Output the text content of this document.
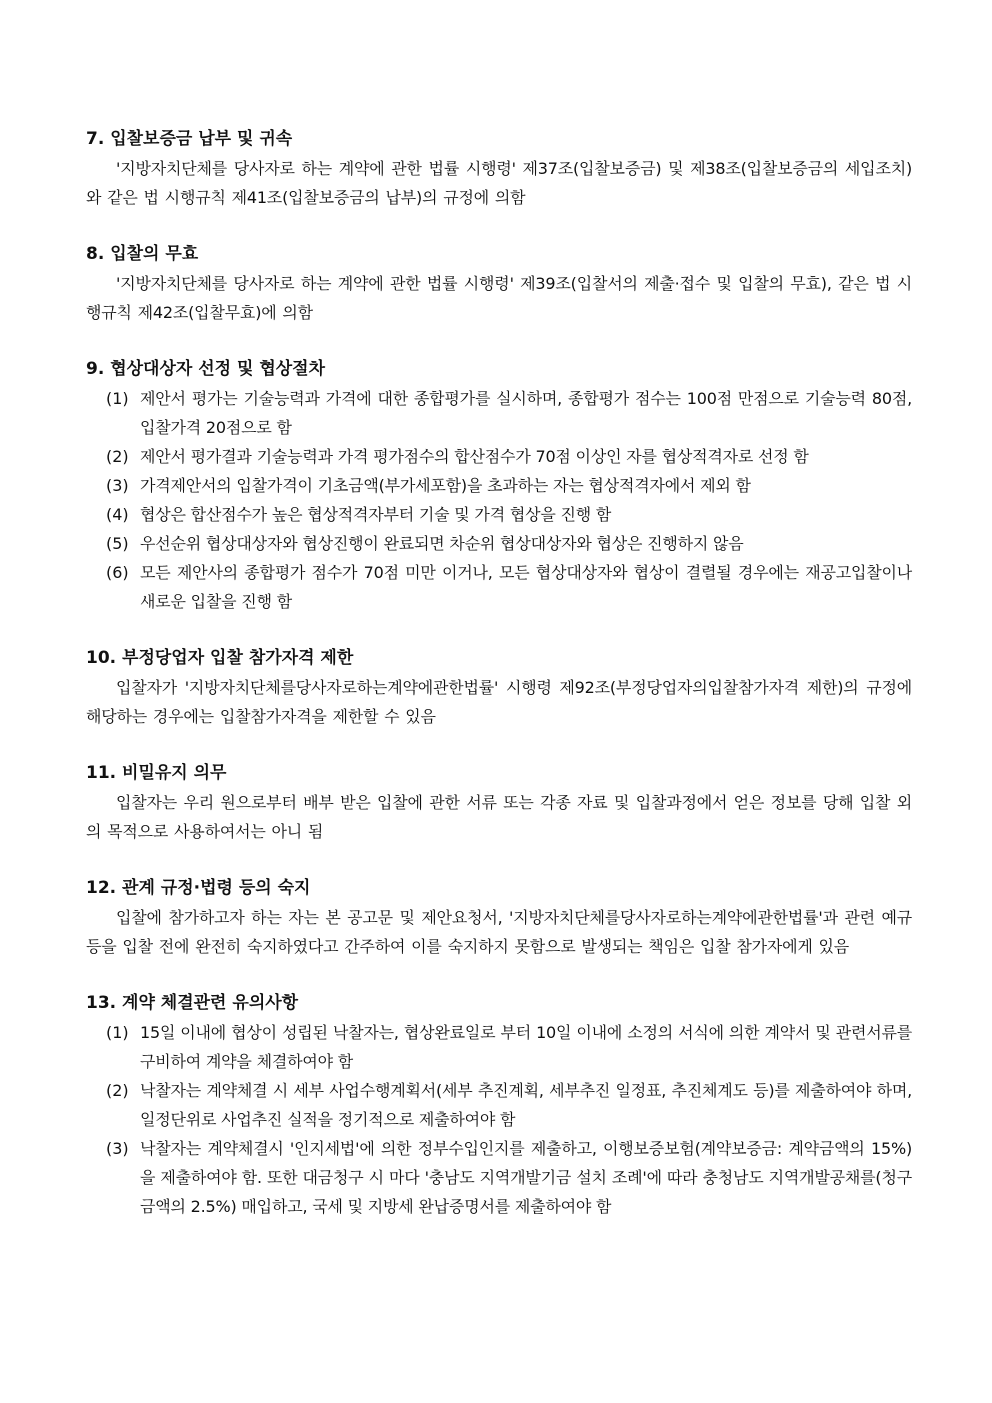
7. 입찰보증금 납부 및 귀속
'지방자치단체를 당사자로 하는 계약에 관한 법률 시행령' 제37조(입찰보증금) 및 제38조(입찰보증금의 세입조치)와 같은 법 시행규칙 제41조(입찰보증금의 납부)의 규정에 의함
8. 입찰의 무효
'지방자치단체를 당사자로 하는 계약에 관한 법률 시행령' 제39조(입찰서의 제출·접수 및 입찰의 무효), 같은 법 시행규칙 제42조(입찰무효)에 의함
9. 협상대상자 선정 및 협상절차
(1) 제안서 평가는 기술능력과 가격에 대한 종합평가를 실시하며, 종합평가 점수는 100점 만점으로 기술능력 80점, 입찰가격 20점으로 함
(2) 제안서 평가결과 기술능력과 가격 평가점수의 합산점수가 70점 이상인 자를 협상적격자로 선정 함
(3) 가격제안서의 입찰가격이 기초금액(부가세포함)을 초과하는 자는 협상적격자에서 제외 함
(4) 협상은 합산점수가 높은 협상적격자부터 기술 및 가격 협상을 진행 함
(5) 우선순위 협상대상자와 협상진행이 완료되면 차순위 협상대상자와 협상은 진행하지 않음
(6) 모든 제안사의 종합평가 점수가 70점 미만 이거나, 모든 협상대상자와 협상이 결렬될 경우에는 재공고입찰이나 새로운 입찰을 진행 함
10. 부정당업자 입찰 참가자격 제한
입찰자가 '지방자치단체를당사자로하는계약에관한법률' 시행령 제92조(부정당업자의입찰참가자격 제한)의 규정에 해당하는 경우에는 입찰참가자격을 제한할 수 있음
11. 비밀유지 의무
입찰자는 우리 원으로부터 배부 받은 입찰에 관한 서류 또는 각종 자료 및 입찰과정에서 얻은 정보를 당해 입찰 외의 목적으로 사용하여서는 아니 됨
12. 관계 규정·법령 등의 숙지
입찰에 참가하고자 하는 자는 본 공고문 및 제안요청서, '지방자치단체를당사자로하는계약에관한법률'과 관련 예규 등을 입찰 전에 완전히 숙지하였다고 간주하여 이를 숙지하지 못함으로 발생되는 책임은 입찰 참가자에게 있음
13. 계약 체결관련 유의사항
(1) 15일 이내에 협상이 성립된 낙찰자는, 협상완료일로 부터 10일 이내에 소정의 서식에 의한 계약서 및 관련서류를 구비하여 계약을 체결하여야 함
(2) 낙찰자는 계약체결 시 세부 사업수행계획서(세부 추진계획, 세부추진 일정표, 추진체계도 등)를 제출하여야 하며, 일정단위로 사업추진 실적을 정기적으로 제출하여야 함
(3) 낙찰자는 계약체결시 '인지세법'에 의한 정부수입인지를 제출하고, 이행보증보험(계약보증금: 계약금액의 15%)을 제출하여야 함. 또한 대금청구 시 마다 '충남도 지역개발기금 설치 조례'에 따라 충청남도 지역개발공채를(청구금액의 2.5%) 매입하고, 국세 및 지방세 완납증명서를 제출하여야 함
